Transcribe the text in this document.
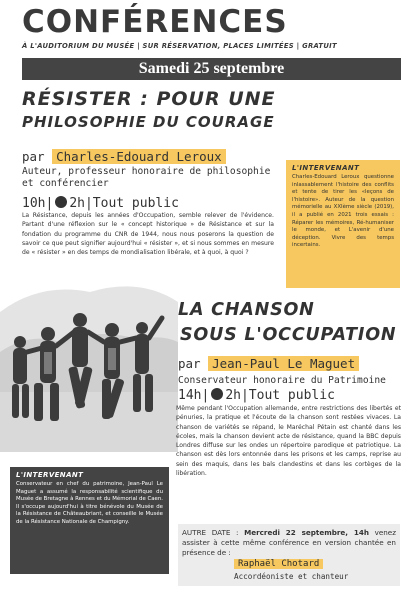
CONFÉRENCES
À L'AUDITORIUM DU MUSÉE | SUR RÉSERVATION, PLACES LIMITÉES | GRATUIT
Samedi 25 septembre
RÉSISTER : POUR UNE
PHILOSOPHIE DU COURAGE
par Charles-Edouard Leroux
Auteur, professeur honoraire de philosophie et conférencier
10h| 2h|Tout public
La Résistance, depuis les années d'Occupation, semble relever de l'évidence. Partant d'une réflexion sur le « concept historique » de Résistance et sur la fondation du programme du CNR de 1944, nous nous poserons la question de savoir ce que peut signifier aujourd'hui « résister », et si nous sommes en mesure de « résister » en des temps de mondialisation libérale, et à quoi, à quoi ?
L'INTERVENANT
Charles-Edouard Leroux questionne inlassablement l'histoire des conflits et tente de tirer les «leçons de l'histoire». Auteur de la question mémorielle au XXIème siècle (2019), il a publié en 2021 trois essais : Réparer les mémoires, Ré-humaniser le monde, et L'avenir d'une déception. Vivre des temps incertains.
LA CHANSON
SOUS L'OCCUPATION
par Jean-Paul Le Maguet
Conservateur honoraire du Patrimoine
14h| 2h|Tout public
Même pendant l'Occupation allemande, entre restrictions des libertés et pénuries, la pratique et l'écoute de la chanson sont restées vivaces. La chanson de variétés se répand, le Maréchal Pétain est chanté dans les écoles, mais la chanson devient acte de résistance, quand la BBC depuis Londres diffuse sur les ondes un répertoire parodique et patriotique. La chanson est dès lors entonnée dans les prisons et les camps, reprise au sein des maquis, dans les bals clandestins et dans les cortèges de la libération.
L'INTERVENANT
Conservateur en chef du patrimoine, Jean-Paul Le Maguet a assumé la responsabilité scientifique du Musée de Bretagne à Rennes et du Mémorial de Caen. Il s'occupe aujourd'hui à titre bénévole du Musée de la Résistance de Châteaubriant, et conseille le Musée de la Résistance Nationale de Champigny.
AUTRE DATE : Mercredi 22 septembre, 14h venez assister à cette même conférence en version chantée en présence de :
Raphaël Chotard
Accordéoniste et chanteur
